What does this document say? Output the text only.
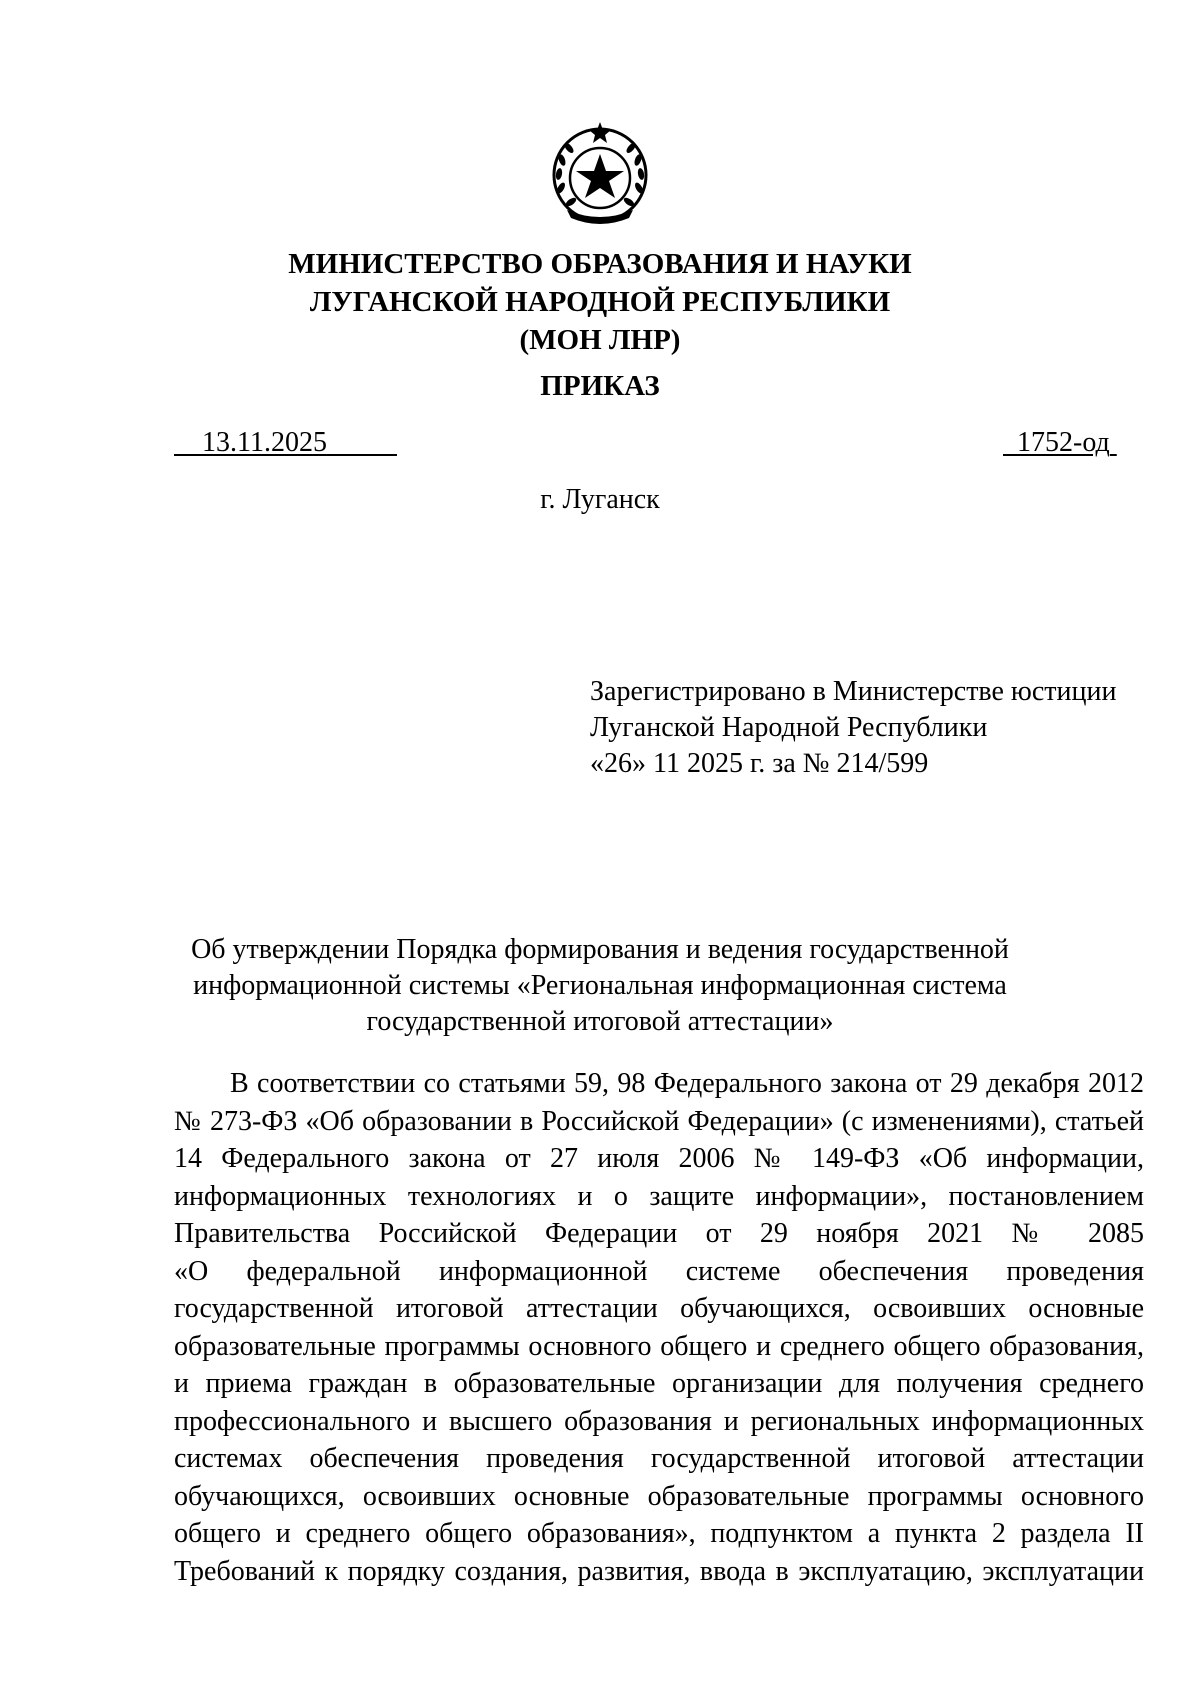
МИНИСТЕРСТВО ОБРАЗОВАНИЯ И НАУКИ
ЛУГАНСКОЙ НАРОДНОЙ РЕСПУБЛИКИ
(МОН ЛНР)
ПРИКАЗ
13.11.2025	1752-од
г. Луганск
Зарегистрировано в Министерстве юстиции
Луганской Народной Республики
«26» 11 2025 г. за № 214/599
Об утверждении Порядка формирования и ведения государственной
информационной системы «Региональная информационная система
государственной итоговой аттестации»
В соответствии со статьями 59, 98 Федерального закона от 29 декабря 2012
№ 273-ФЗ «Об образовании в Российской Федерации» (с изменениями), статьей
14 Федерального закона от 27 июля 2006 № 149-ФЗ «Об информации,
информационных технологиях и о защите информации», постановлением
Правительства Российской Федерации от 29 ноября 2021 № 2085
«О федеральной информационной системе обеспечения проведения
государственной итоговой аттестации обучающихся, освоивших основные
образовательные программы основного общего и среднего общего образования,
и приема граждан в образовательные организации для получения среднего
профессионального и высшего образования и региональных информационных
системах обеспечения проведения государственной итоговой аттестации
обучающихся, освоивших основные образовательные программы основного
общего и среднего общего образования», подпунктом а пункта 2 раздела II
Требований к порядку создания, развития, ввода в эксплуатацию, эксплуатации
